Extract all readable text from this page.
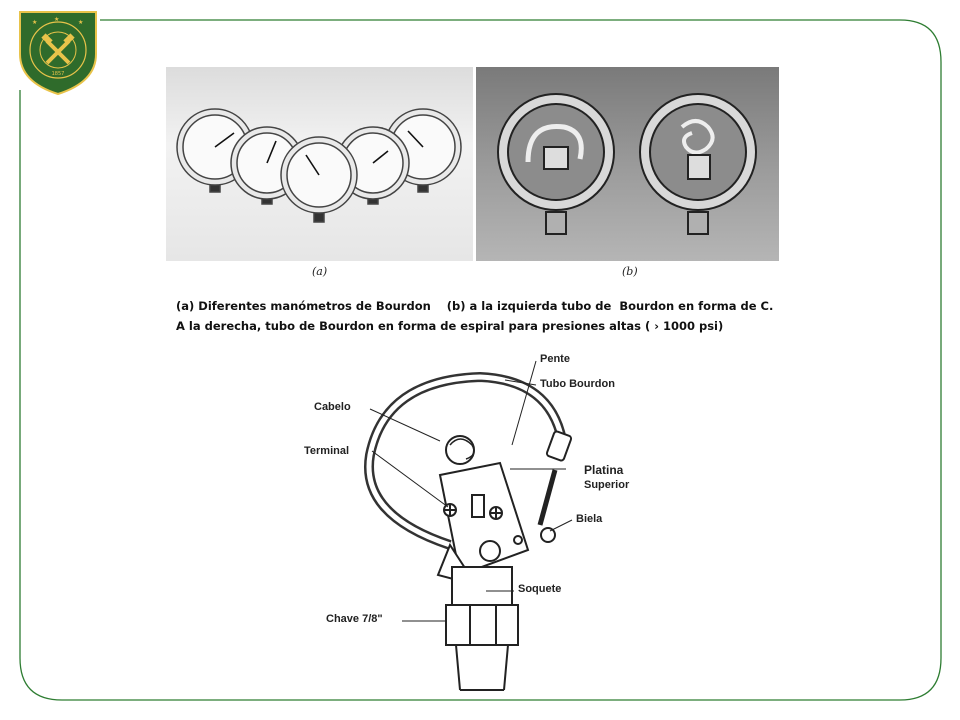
★	★
★
1857
(a)	(b)
(a) Diferentes manómetros de Bourdon    (b) a la izquierda tubo de  Bourdon en forma de C.
A la derecha, tubo de Bourdon en forma de espiral para presiones altas ( › 1000 psi)
Pente
Tubo Bourdon
Cabelo
Terminal
Platina
Superior
Biela
Soquete
Chave 7/8"
